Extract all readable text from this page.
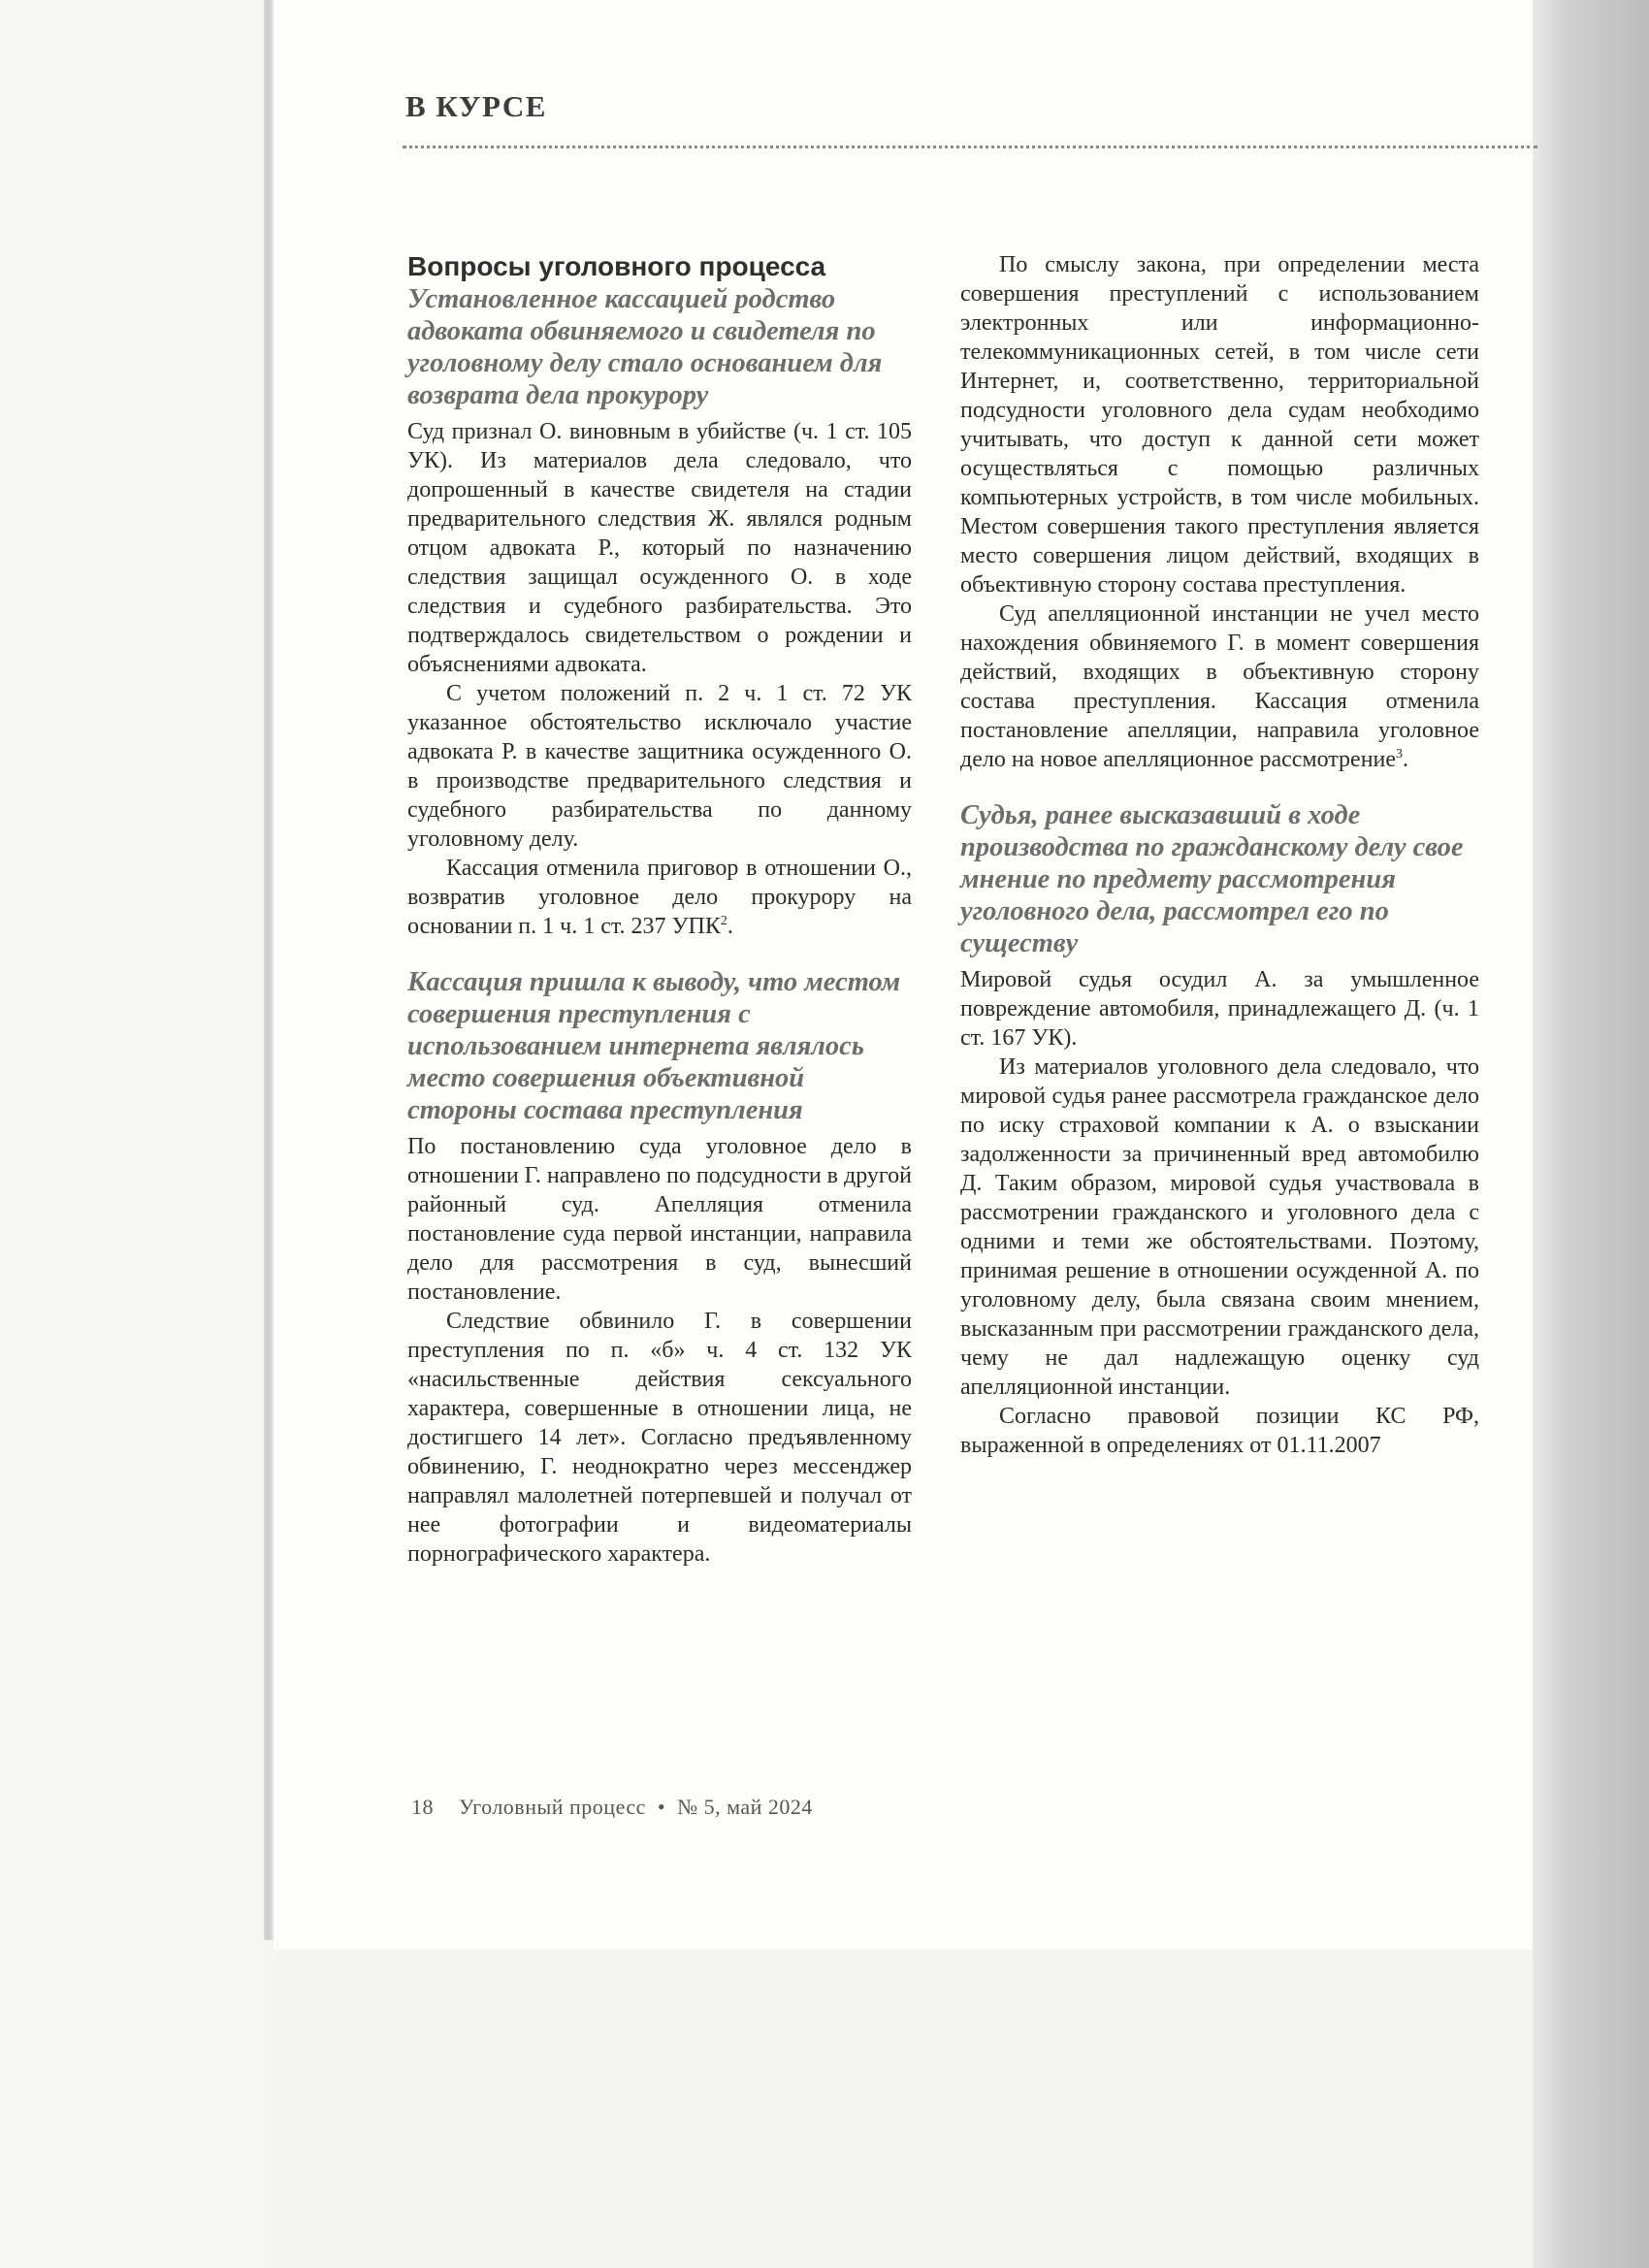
В КУРСЕ
Вопросы уголовного процесса
Установленное кассацией родство адвоката обвиняемого и свидетеля по уголовному делу стало основанием для возврата дела прокурору

Суд признал О. виновным в убийстве (ч. 1 ст. 105 УК). Из материалов дела следовало, что допрошенный в качестве свидетеля на стадии предварительного следствия Ж. являлся родным отцом адвоката Р., который по назначению следствия защищал осужденного О. в ходе следствия и судебного разбирательства. Это подтверждалось свидетельством о рождении и объяснениями адвоката.

С учетом положений п. 2 ч. 1 ст. 72 УК указанное обстоятельство исключало участие адвоката Р. в качестве защитника осужденного О. в производстве предварительного следствия и судебного разбирательства по данному уголовному делу.

Кассация отменила приговор в отношении О., возвратив уголовное дело прокурору на основании п. 1 ч. 1 ст. 237 УПК$^2$.

Кассация пришла к выводу, что местом совершения преступления с использованием интернета являлось место совершения объективной стороны состава преступления

По постановлению суда уголовное дело в отношении Г. направлено по подсудности в другой районный суд. Апелляция отменила постановление суда первой инстанции, направила дело для рассмотрения в суд, вынесший постановление.

Следствие обвинило Г. в совершении преступления по п. «б» ч. 4 ст. 132 УК «насильственные действия сексуального характера, совершенные в отношении лица, не достигшего 14 лет». Согласно предъявленному обвинению, Г. неоднократно через мессенджер направлял малолетней потерпевшей и получал от нее фотографии и видеоматериалы порнографического характера.

По смыслу закона, при определении места совершения преступлений с использованием электронных или информационно-телекоммуникационных сетей, в том числе сети Интернет, и, соответственно, территориальной подсудности уголовного дела судам необходимо учитывать, что доступ к данной сети может осуществляться с помощью различных компьютерных устройств, в том числе мобильных. Местом совершения такого преступления является место совершения лицом действий, входящих в объективную сторону состава преступления.

Суд апелляционной инстанции не учел место нахождения обвиняемого Г. в момент совершения действий, входящих в объективную сторону состава преступления. Кассация отменила постановление апелляции, направила уголовное дело на новое апелляционное рассмотрение$^3$.

Судья, ранее высказавший в ходе производства по гражданскому делу свое мнение по предмету рассмотрения уголовного дела, рассмотрел его по существу

Мировой судья осудил А. за умышленное повреждение автомобиля, принадлежащего Д. (ч. 1 ст. 167 УК).

Из материалов уголовного дела следовало, что мировой судья ранее рассмотрела гражданское дело по иску страховой компании к А. о взыскании задолженности за причиненный вред автомобилю Д. Таким образом, мировой судья участвовала в рассмотрении гражданского и уголовного дела с одними и теми же обстоятельствами. Поэтому, принимая решение в отношении осужденной А. по уголовному делу, была связана своим мнением, высказанным при рассмотрении гражданского дела, чему не дал надлежащую оценку суд апелляционной инстанции.

Согласно правовой позиции КС РФ, выраженной в определениях от 01.11.2007

18 Уголовный процесс • № 5, май 2024
